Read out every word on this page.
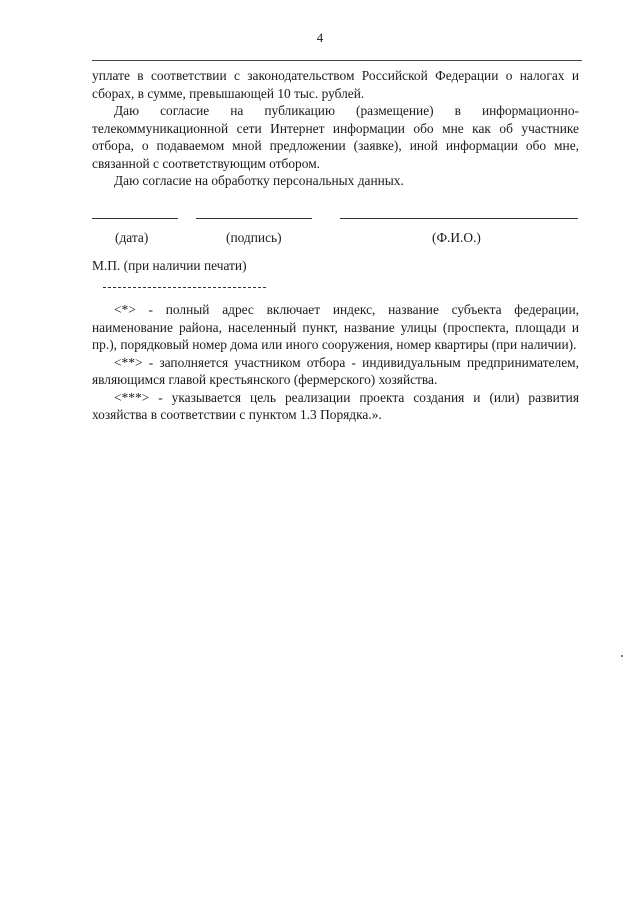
4

уплате в соответствии с законодательством Российской Федерации о налогах и сборах, в сумме, превышающей 10 тыс. рублей.

Даю согласие на публикацию (размещение) в информационно-телекоммуникационной сети Интернет информации обо мне как об участнике отбора, о подаваемом мной предложении (заявке), иной информации обо мне, связанной с соответствующим отбором.

Даю согласие на обработку персональных данных.

(дата)	(подпись)	(Ф.И.О.)
М.П. (при наличии печати)

<*> - полный адрес включает индекс, название субъекта федерации, наименование района, населенный пункт, название улицы (проспекта, площади и пр.), порядковый номер дома или иного сооружения, номер квартиры (при наличии).

<**> - заполняется участником отбора - индивидуальным предпринимателем, являющимся главой крестьянского (фермерского) хозяйства.

<***> - указывается цель реализации проекта создания и (или) развития хозяйства в соответствии с пунктом 1.3 Порядка.».
